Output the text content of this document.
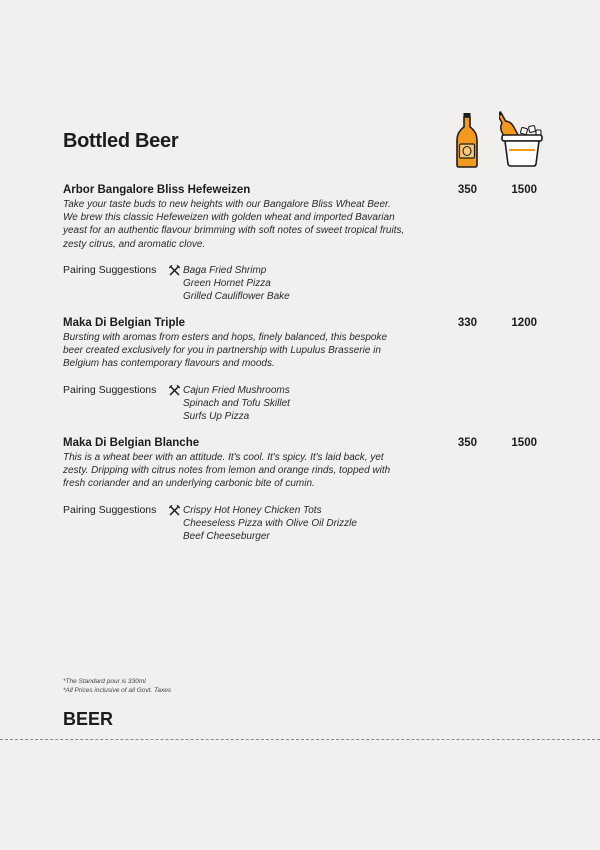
Bottled Beer
Arbor Bangalore Bliss Hefeweizen	350	1500
Take your taste buds to new heights with our Bangalore Bliss Wheat Beer. We brew this classic Hefeweizen with golden wheat and imported Bavarian yeast for an authentic flavour brimming with soft notes of sweet tropical fruits, zesty citrus, and aromatic clove.
Pairing Suggestions	Baga Fried Shrimp
Green Hornet Pizza
Grilled Cauliflower Bake
Maka Di Belgian Triple	330	1200
Bursting with aromas from esters and hops, finely balanced, this bespoke beer created exclusively for you in partnership with Lupulus Brasserie in Belgium has contemporary flavours and moods.
Pairing Suggestions	Cajun Fried Mushrooms
Spinach and Tofu Skillet
Surfs Up Pizza
Maka Di Belgian Blanche	350	1500
This is a wheat beer with an attitude. It's cool. It's spicy. It's laid back, yet zesty. Dripping with citrus notes from lemon and orange rinds, topped with fresh coriander and an underlying carbonic bite of cumin.
Pairing Suggestions	Crispy Hot Honey Chicken Tots
Cheeseless Pizza with Olive Oil Drizzle
Beef Cheeseburger
*The Standard pour is 330ml
*All Prices inclusive of all Govt. Taxes
BEER
